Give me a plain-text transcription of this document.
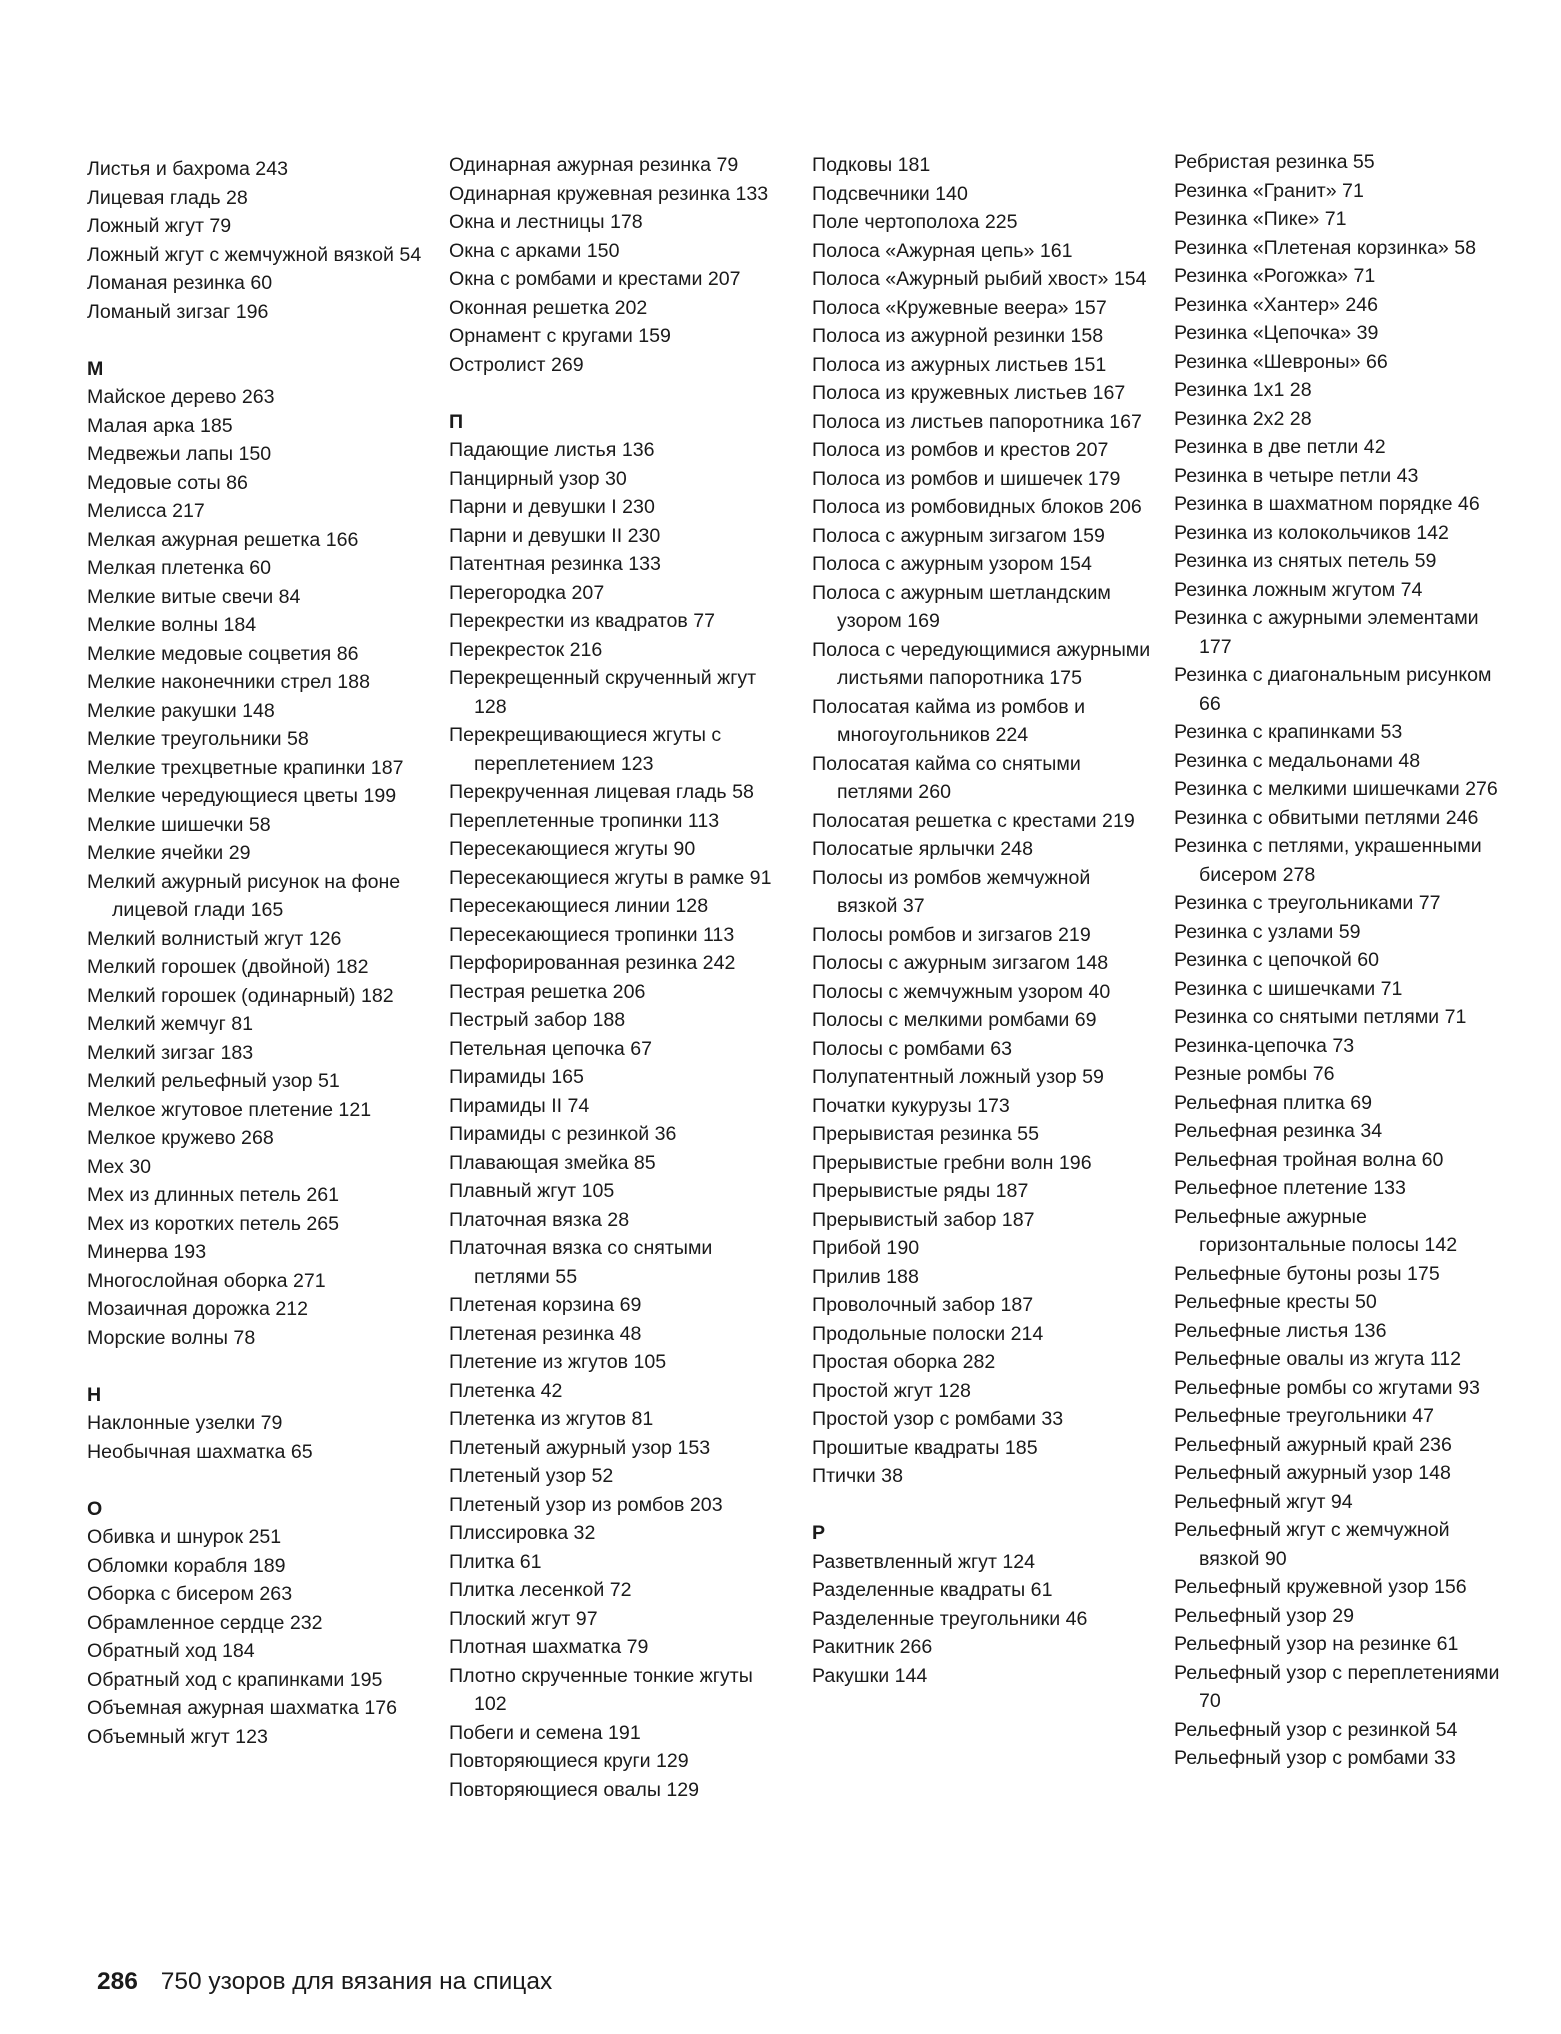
Листья и бахрома 243
Лицевая гладь 28
Ложный жгут 79
Ложный жгут с жемчужной вязкой 54
Ломаная резинка 60
Ломаный зигзаг 196
М
Майское дерево 263
Малая арка 185
Медвежьи лапы 150
Медовые соты 86
Мелисса 217
Мелкая ажурная решетка 166
Мелкая плетенка 60
Мелкие витые свечи 84
Мелкие волны 184
Мелкие медовые соцветия 86
Мелкие наконечники стрел 188
Мелкие ракушки 148
Мелкие треугольники 58
Мелкие трехцветные крапинки 187
Мелкие чередующиеся цветы 199
Мелкие шишечки 58
Мелкие ячейки 29
Мелкий ажурный рисунок на фоне лицевой глади 165
Мелкий волнистый жгут 126
Мелкий горошек (двойной) 182
Мелкий горошек (одинарный) 182
Мелкий жемчуг 81
Мелкий зигзаг 183
Мелкий рельефный узор 51
Мелкое жгутовое плетение 121
Мелкое кружево 268
Мех 30
Мех из длинных петель 261
Мех из коротких петель 265
Минерва 193
Многослойная оборка 271
Мозаичная дорожка 212
Морские волны 78
Н
Наклонные узелки 79
Необычная шахматка 65
О
Обивка и шнурок 251
Обломки корабля 189
Оборка с бисером 263
Обрамленное сердце 232
Обратный ход 184
Обратный ход с крапинками 195
Объемная ажурная шахматка 176
Объемный жгут 123
Одинарная ажурная резинка 79
Одинарная кружевная резинка 133
Окна и лестницы 178
Окна с арками 150
Окна с ромбами и крестами 207
Оконная решетка 202
Орнамент с кругами 159
Остролист 269
П
Падающие листья 136
Панцирный узор 30
Парни и девушки I 230
Парни и девушки II 230
Патентная резинка 133
Перегородка 207
Перекрестки из квадратов 77
Перекресток 216
Перекрещенный скрученный жгут 128
Перекрещивающиеся жгуты с переплетением 123
Перекрученная лицевая гладь 58
Переплетенные тропинки 113
Пересекающиеся жгуты 90
Пересекающиеся жгуты в рамке 91
Пересекающиеся линии 128
Пересекающиеся тропинки 113
Перфорированная резинка 242
Пестрая решетка 206
Пестрый забор 188
Петельная цепочка 67
Пирамиды 165
Пирамиды II 74
Пирамиды с резинкой 36
Плавающая змейка 85
Плавный жгут 105
Платочная вязка 28
Платочная вязка со снятыми петлями 55
Плетеная корзина 69
Плетеная резинка 48
Плетение из жгутов 105
Плетенка 42
Плетенка из жгутов 81
Плетеный ажурный узор 153
Плетеный узор 52
Плетеный узор из ромбов 203
Плиссировка 32
Плитка 61
Плитка лесенкой 72
Плоский жгут 97
Плотная шахматка 79
Плотно скрученные тонкие жгуты 102
Побеги и семена 191
Повторяющиеся круги 129
Повторяющиеся овалы 129
Подковы 181
Подсвечники 140
Поле чертополоха 225
Полоса «Ажурная цепь» 161
Полоса «Ажурный рыбий хвост» 154
Полоса «Кружевные веера» 157
Полоса из ажурной резинки 158
Полоса из ажурных листьев 151
Полоса из кружевных листьев 167
Полоса из листьев папоротника 167
Полоса из ромбов и крестов 207
Полоса из ромбов и шишечек 179
Полоса из ромбовидных блоков 206
Полоса с ажурным зигзагом 159
Полоса с ажурным узором 154
Полоса с ажурным шетландским узором 169
Полоса с чередующимися ажурными листьями папоротника 175
Полосатая кайма из ромбов и многоугольников 224
Полосатая кайма со снятыми петлями 260
Полосатая решетка с крестами 219
Полосатые ярлычки 248
Полосы из ромбов жемчужной вязкой 37
Полосы ромбов и зигзагов 219
Полосы с ажурным зигзагом 148
Полосы с жемчужным узором 40
Полосы с мелкими ромбами 69
Полосы с ромбами 63
Полупатентный ложный узор 59
Початки кукурузы 173
Прерывистая резинка 55
Прерывистые гребни волн 196
Прерывистые ряды 187
Прерывистый забор 187
Прибой 190
Прилив 188
Проволочный забор 187
Продольные полоски 214
Простая оборка 282
Простой жгут 128
Простой узор с ромбами 33
Прошитые квадраты 185
Птички 38
Р
Разветвленный жгут 124
Разделенные квадраты 61
Разделенные треугольники 46
Ракитник 266
Ракушки 144
Ребристая резинка 55
Резинка «Гранит» 71
Резинка «Пике» 71
Резинка «Плетеная корзинка» 58
Резинка «Рогожка» 71
Резинка «Хантер» 246
Резинка «Цепочка» 39
Резинка «Шевроны» 66
Резинка 1х1 28
Резинка 2х2 28
Резинка в две петли 42
Резинка в четыре петли 43
Резинка в шахматном порядке 46
Резинка из колокольчиков 142
Резинка из снятых петель 59
Резинка ложным жгутом 74
Резинка с ажурными элементами 177
Резинка с диагональным рисунком 66
Резинка с крапинками 53
Резинка с медальонами 48
Резинка с мелкими шишечками 276
Резинка с обвитыми петлями 246
Резинка с петлями, украшенными бисером 278
Резинка с треугольниками 77
Резинка с узлами 59
Резинка с цепочкой 60
Резинка с шишечками 71
Резинка со снятыми петлями 71
Резинка-цепочка 73
Резные ромбы 76
Рельефная плитка 69
Рельефная резинка 34
Рельефная тройная волна 60
Рельефное плетение 133
Рельефные ажурные горизонтальные полосы 142
Рельефные бутоны розы 175
Рельефные кресты 50
Рельефные листья 136
Рельефные овалы из жгута 112
Рельефные ромбы со жгутами 93
Рельефные треугольники 47
Рельефный ажурный край 236
Рельефный ажурный узор 148
Рельефный жгут 94
Рельефный жгут с жемчужной вязкой 90
Рельефный кружевной узор 156
Рельефный узор 29
Рельефный узор на резинке 61
Рельефный узор с переплетениями 70
Рельефный узор с резинкой 54
Рельефный узор с ромбами 33
286 750 узоров для вязания на спицах
